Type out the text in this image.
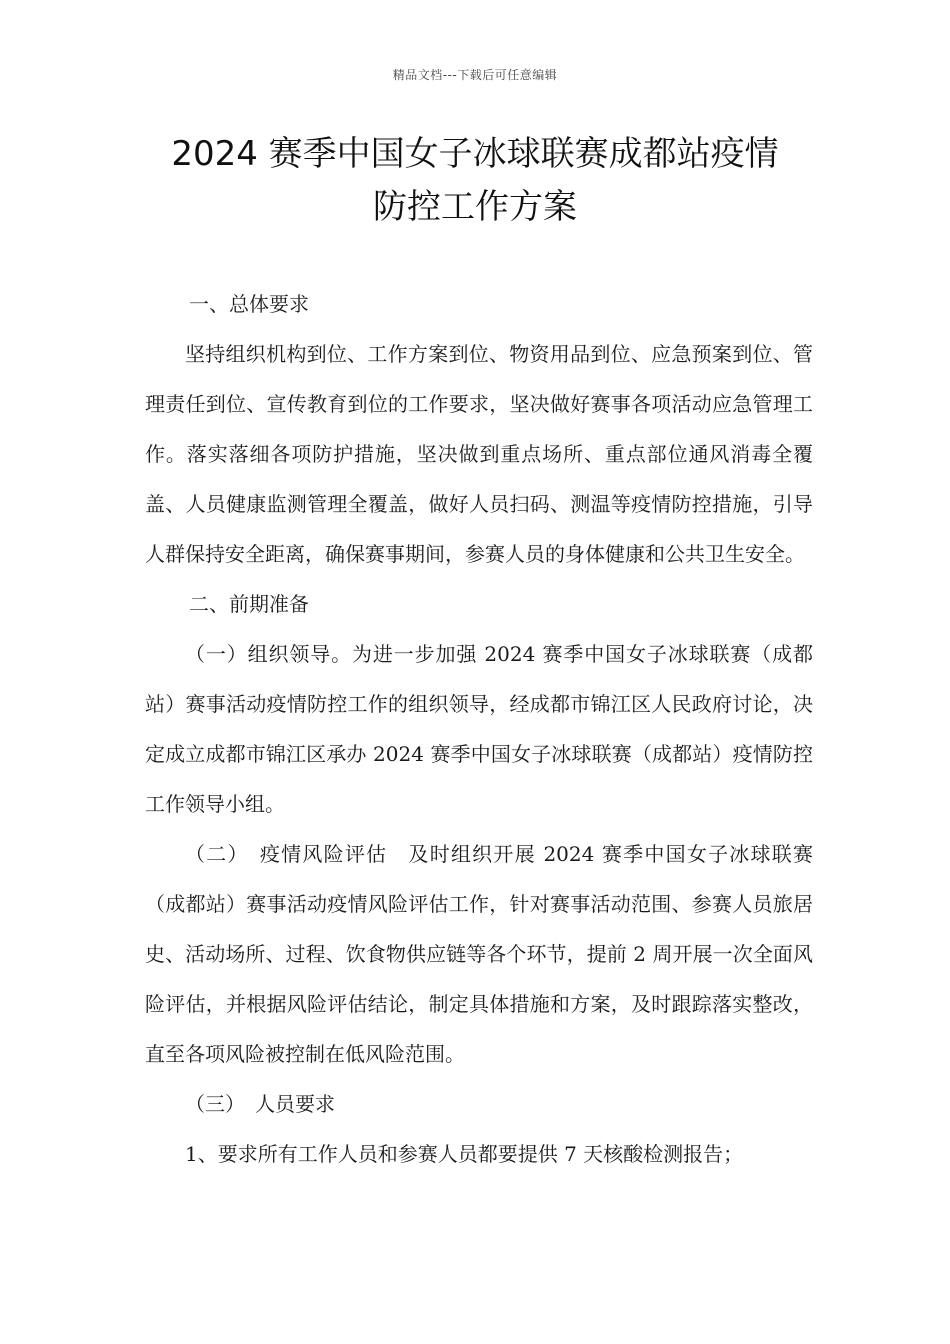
精品文档---下载后可任意编辑
2024 赛季中国女子冰球联赛成都站疫情
防控工作方案

一、总体要求

坚持组织机构到位、工作方案到位、物资用品到位、应急预案到位、管理责任到位、宣传教育到位的工作要求，坚决做好赛事各项活动应急管理工作。落实落细各项防护措施，坚决做到重点场所、重点部位通风消毒全覆盖、人员健康监测管理全覆盖，做好人员扫码、测温等疫情防控措施，引导人群保持安全距离，确保赛事期间，参赛人员的身体健康和公共卫生安全。

二、前期准备

（一）组织领导。为进一步加强 2024 赛季中国女子冰球联赛（成都站）赛事活动疫情防控工作的组织领导，经成都市锦江区人民政府讨论，决定成立成都市锦江区承办 2024 赛季中国女子冰球联赛（成都站）疫情防控工作领导小组。

（二）　疫情风险评估　及时组织开展 2024 赛季中国女子冰球联赛（成都站）赛事活动疫情风险评估工作，针对赛事活动范围、参赛人员旅居史、活动场所、过程、饮食物供应链等各个环节，提前 2 周开展一次全面风险评估，并根据风险评估结论，制定具体措施和方案，及时跟踪落实整改，直至各项风险被控制在低风险范围。

（三）　人员要求

1、要求所有工作人员和参赛人员都要提供 7 天核酸检测报告；
